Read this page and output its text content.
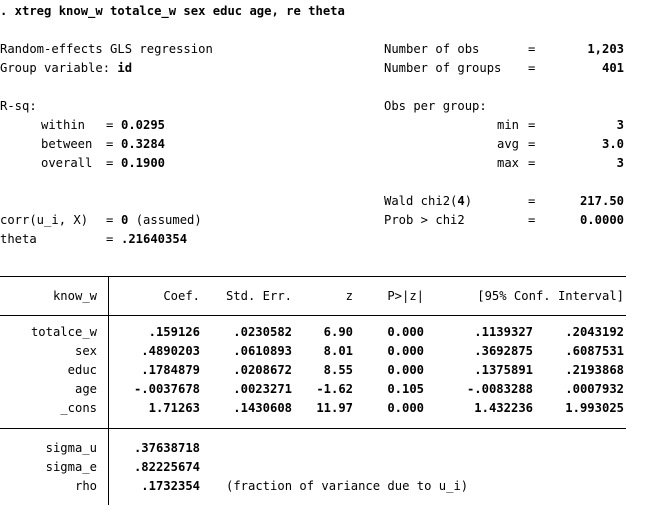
. xtreg know_w totalce_w sex educ age, re theta
Random-effects GLS regression
Group variable: id
R-sq:
within = 0.0295
between = 0.3284
overall = 0.1900
corr(u_i, X) = 0 (assumed)
theta	= .21640354
Number of obs	=	1,203
Number of groups =	401
Obs per group:
min =	3
avg =	3.0
max =	3
Wald chi2(4)	=	217.50
Prob > chi2	=	0.0000
know_w	Coef. Std. Err.	z	P>|z|	[95% Conf. Interval]
totalce_w	.159126	.0230582	6.90	0.000	.1139327	.2043192
sex	.4890203	.0610893	8.01	0.000	.3692875	.6087531
educ	.1784879	.0208672	8.55	0.000	.1375891	.2193868
age	-.0037678	.0023271 -1.62	0.105	-.0083288	.0007932
_cons	1.71263	.1430608 11.97	0.000	1.432236	1.993025
sigma_u	.37638718
sigma_e	.82225674
rho	.1732354 (fraction of variance due to u_i)
